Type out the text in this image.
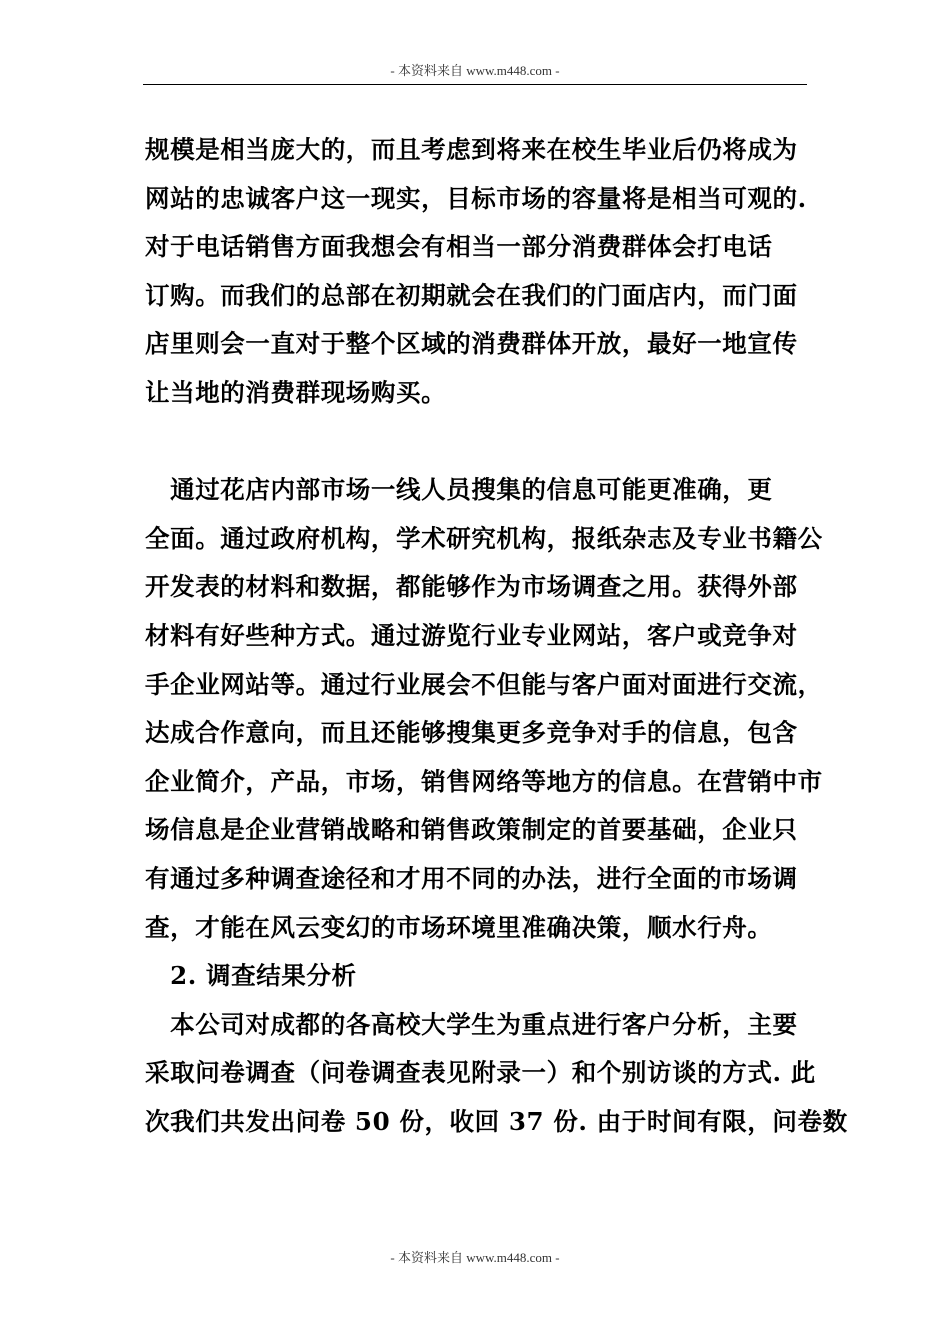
- 本资料来自 www.m448.com -
规模是相当庞大的，而且考虑到将来在校生毕业后仍将成为
网站的忠诚客户这一现实，目标市场的容量将是相当可观的.
对于电话销售方面我想会有相当一部分消费群体会打电话
订购。而我们的总部在初期就会在我们的门面店内，而门面
店里则会一直对于整个区域的消费群体开放，最好一地宣传
让当地的消费群现场购买。
　通过花店内部市场一线人员搜集的信息可能更准确，更
全面。通过政府机构，学术研究机构，报纸杂志及专业书籍公
开发表的材料和数据，都能够作为市场调查之用。获得外部
材料有好些种方式。通过游览行业专业网站，客户或竞争对
手企业网站等。通过行业展会不但能与客户面对面进行交流，
达成合作意向，而且还能够搜集更多竞争对手的信息，包含
企业简介，产品，市场，销售网络等地方的信息。在营销中市
场信息是企业营销战略和销售政策制定的首要基础，企业只
有通过多种调查途径和才用不同的办法，进行全面的市场调
查，才能在风云变幻的市场环境里准确决策，顺水行舟。
　2. 调查结果分析
　本公司对成都的各高校大学生为重点进行客户分析，主要
采取问卷调查（问卷调查表见附录一）和个别访谈的方式. 此
次我们共发出问卷 50 份，收回 37 份. 由于时间有限，问卷数
- 本资料来自 www.m448.com -
